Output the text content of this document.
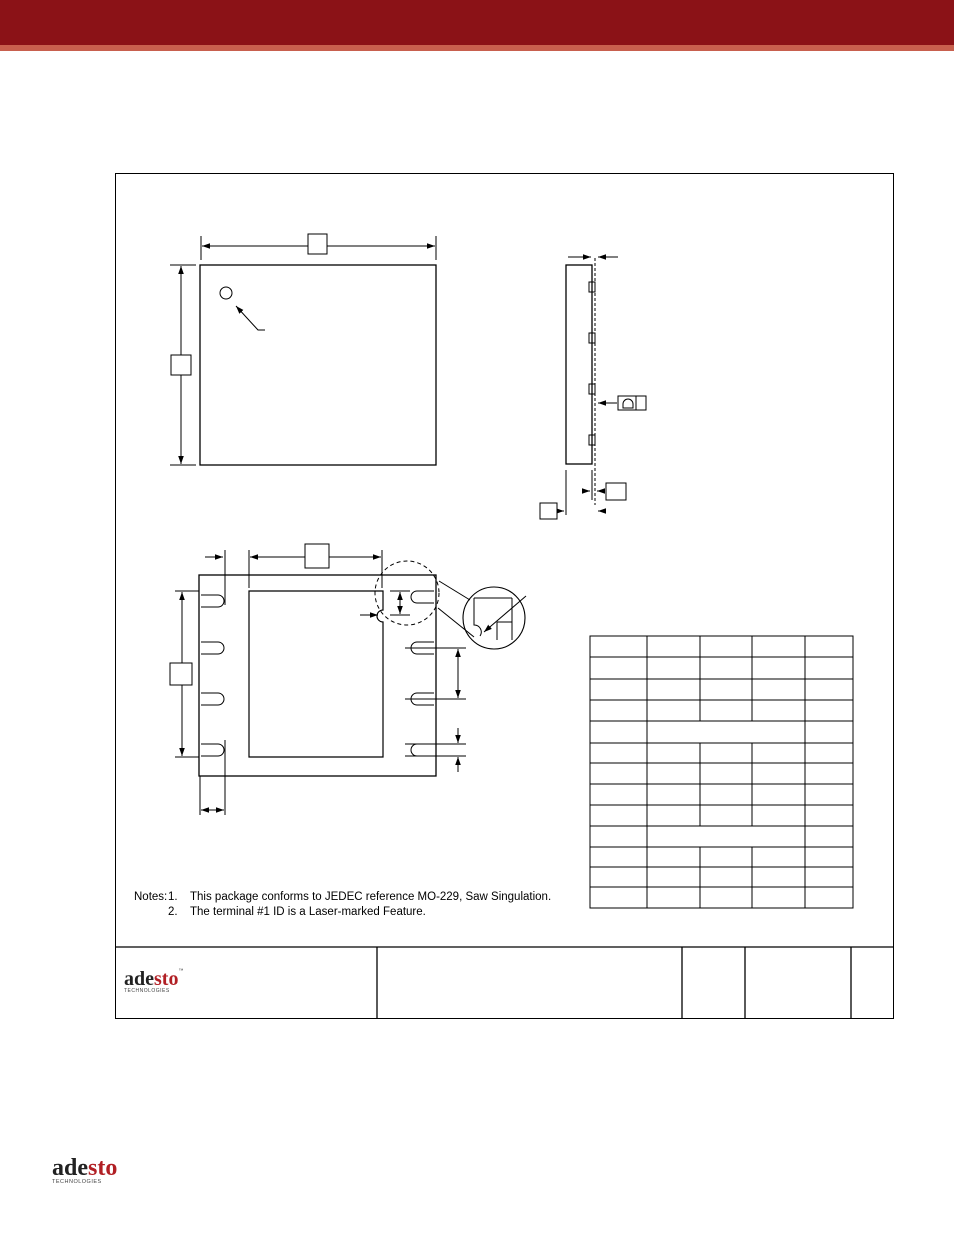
Notes: 1.	This package conforms to JEDEC reference MO-229, Saw Singulation.
2.	The terminal #1 ID is a Laser-marked Feature.
adesto™
TECHNOLOGIES
adesto
TECHNOLOGIES
